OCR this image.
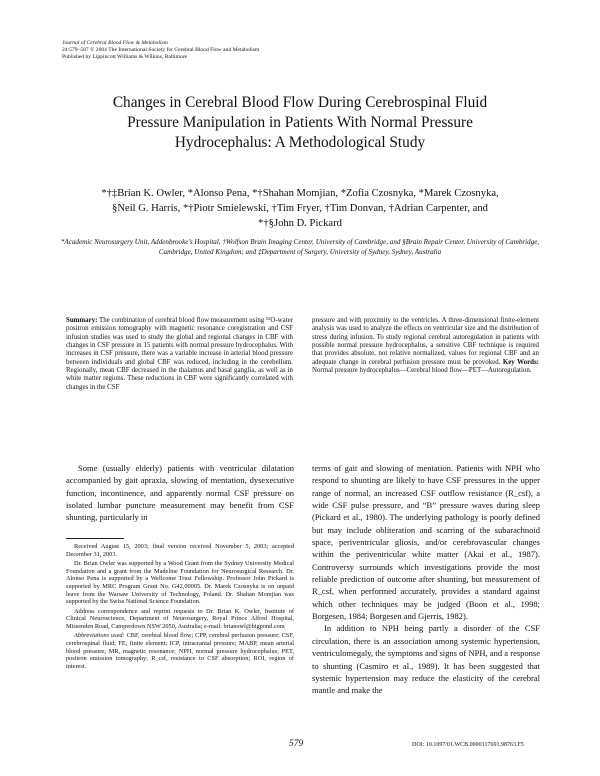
Journal of Cerebral Blood Flow & Metabolism
24:579–587 © 2004 The International Society for Cerebral Blood Flow and Metabolism
Published by Lippincott Williams & Wilkins, Baltimore
Changes in Cerebral Blood Flow During Cerebrospinal Fluid
Pressure Manipulation in Patients With Normal Pressure
Hydrocephalus: A Methodological Study
*†‡Brian K. Owler, *Alonso Pena, *†Shahan Momjian, *Zofia Czosnyka, *Marek Czosnyka,
§Neil G. Harris, *†Piotr Smielewski, †Tim Fryer, †Tim Donvan, †Adrian Carpenter, and
*†§John D. Pickard
*Academic Neurosurgery Unit, Addenbrooke’s Hospital, †Wolfson Brain Imaging Center, University of Cambridge, and §Brain Repair Center, University of Cambridge, Cambridge, United Kingdom; and ‡Department of Surgery, University of Sydney, Sydney, Australia
Summary: The combination of cerebral blood flow measurement using ¹⁵O-water positron emission tomography with magnetic resonance coregistration and CSF infusion studies was used to study the global and regional changes in CBF with changes in CSF pressure in 15 patients with normal pressure hydrocephalus. With increases in CSF pressure, there was a variable increase in arterial blood pressure between individuals and global CBF was reduced, including in the cerebellum. Regionally, mean CBF decreased in the thalamus and basal ganglia, as well as in white matter regions. These reductions in CBF were significantly correlated with changes in the CSF
pressure and with proximity to the ventricles. A three-dimensional finite-element analysis was used to analyze the effects on ventricular size and the distribution of stress during infusion. To study regional cerebral autoregulation in patients with possible normal pressure hydrocephalus, a sensitive CBF technique is required that provides absolute, not relative normalized, values for regional CBF and an adequate change in cerebral perfusion pressure must be provoked. Key Words: Normal pressure hydrocephalus—Cerebral blood flow—PET—Autoregulation.

Some (usually elderly) patients with ventricular dilatation accompanied by gait apraxia, slowing of mentation, dysexecutive function, incontinence, and apparently normal CSF pressure on isolated lumbar puncture measurement may benefit from CSF shunting, particularly in

Received August 15, 2003; final version received November 5, 2003; accepted December 31, 2003.

Dr. Brian Owler was supported by a Wood Grant from the Sydney University Medical Foundation and a grant from the Madeline Foundation for Neurosurgical Research. Dr. Alonso Pena is supported by a Wellcome Trust Fellowship. Professor John Pickard is supported by MRC Program Grant No. G42,00005. Dr. Marek Czosnyka is on unpaid leave from the Warsaw University of Technology, Poland. Dr. Shahan Momjian was supported by the Swiss National Science Foundation.

Address correspondence and reprint requests to Dr. Brian K. Owler, Institute of Clinical Neuroscience, Department of Neurosurgery, Royal Prince Alfred Hospital, Missenden Road, Camperdown NSW 2050, Australia; e-mail: brianowl@bigpond.com

Abbreviations used: CBF, cerebral blood flow; CPP, cerebral perfusion pressure; CSF, cerebrospinal fluid; FE, finite element; ICP, intracranial pressure; MABP, mean arterial blood pressure; MR, magnetic resonance; NPH, normal pressure hydrocephalus; PET, positron emission tomography; R_csf, resistance to CSF absorption; ROI, region of interest.

terms of gait and slowing of mentation. Patients with NPH who respond to shunting are likely to have CSF pressures in the upper range of normal, an increased CSF outflow resistance (R_csf), a wide CSF pulse pressure, and “B” pressure waves during sleep (Pickard et al., 1980). The underlying pathology is poorly defined but may include obliteration and scarring of the subarachnoid space, periventricular gliosis, and/or cerebrovascular changes within the periventricular white matter (Akai et al., 1987). Controversy surrounds which investigations provide the most reliable prediction of outcome after shunting, but measurement of R_csf, when performed accurately, provides a standard against which other techniques may be judged (Boon et al., 1998; Borgesen, 1984; Borgesen and Gjerris, 1982).

In addition to NPH being partly a disorder of the CSF circulation, there is an association among systemic hypertension, ventriculomegaly, the symptoms and signs of NPH, and a response to shunting (Casmiro et al., 1989). It has been suggested that systemic hypertension may reduce the elasticity of the cerebral mantle and make the

579	DOI: 10.1097/01.WCB.0000117691.98763.F5
